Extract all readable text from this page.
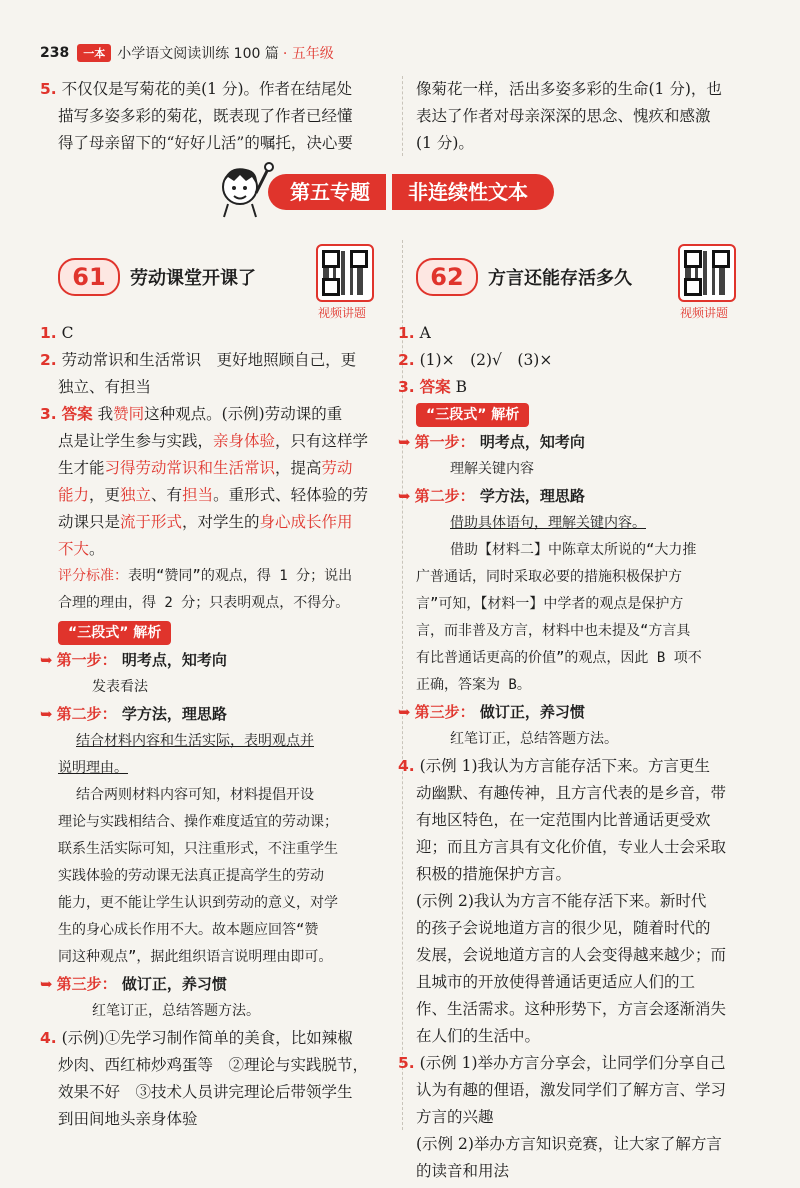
238	一本 小学语文阅读训练 100 篇 · 五年级
5. 不仅仅是写菊花的美(1 分)。作者在结尾处
描写多姿多彩的菊花，既表现了作者已经懂
得了母亲留下的“好好儿活”的嘱托，决心要
像菊花一样，活出多姿多彩的生命(1 分)，也
表达了作者对母亲深深的思念、愧疚和感激
(1 分)。
第五专题	非连续性文本
61	劳动课堂开课了
视频讲题
1. C
2. 劳动常识和生活常识　更好地照顾自己，更
独立、有担当
3. 答案 我赞同这种观点。(示例)劳动课的重
点是让学生参与实践，亲身体验，只有这样学
生才能习得劳动常识和生活常识，提高劳动
能力，更独立、有担当。重形式、轻体验的劳
动课只是流于形式，对学生的身心成长作用
不大。
评分标准：表明“赞同”的观点，得 1 分；说出
合理的理由，得 2 分；只表明观点，不得分。
“三段式” 解析
➥ 第一步： 明考点，知考向
发表看法
➥ 第二步： 学方法，理思路
结合材料内容和生活实际，表明观点并
说明理由。
结合两则材料内容可知，材料提倡开设
理论与实践相结合、操作难度适宜的劳动课；
联系生活实际可知，只注重形式，不注重学生
实践体验的劳动课无法真正提高学生的劳动
能力，更不能让学生认识到劳动的意义，对学
生的身心成长作用不大。故本题应回答“赞
同这种观点”，据此组织语言说明理由即可。
➥ 第三步： 做订正，养习惯
红笔订正，总结答题方法。
4. (示例)①先学习制作简单的美食，比如辣椒
炒肉、西红柿炒鸡蛋等　②理论与实践脱节，
效果不好　③技术人员讲完理论后带领学生
到田间地头亲身体验
62	方言还能存活多久
视频讲题
1. A
2. (1)×　(2)√　(3)×
3. 答案 B
“三段式” 解析
➥ 第一步： 明考点，知考向
理解关键内容
➥ 第二步： 学方法，理思路
借助具体语句，理解关键内容。
借助【材料二】中陈章太所说的“大力推
广普通话，同时采取必要的措施积极保护方
言”可知，【材料一】中学者的观点是保护方
言，而非普及方言，材料中也未提及“方言具
有比普通话更高的价值”的观点，因此 B 项不
正确，答案为 B。
➥ 第三步： 做订正，养习惯
红笔订正，总结答题方法。
4. (示例 1)我认为方言能存活下来。方言更生
动幽默、有趣传神，且方言代表的是乡音，带
有地区特色，在一定范围内比普通话更受欢
迎；而且方言具有文化价值，专业人士会采取
积极的措施保护方言。
(示例 2)我认为方言不能存活下来。新时代
的孩子会说地道方言的很少见，随着时代的
发展，会说地道方言的人会变得越来越少；而
且城市的开放使得普通话更适应人们的工
作、生活需求。这种形势下，方言会逐渐消失
在人们的生活中。
5. (示例 1)举办方言分享会，让同学们分享自己
认为有趣的俚语，激发同学们了解方言、学习
方言的兴趣
(示例 2)举办方言知识竞赛，让大家了解方言
的读音和用法
